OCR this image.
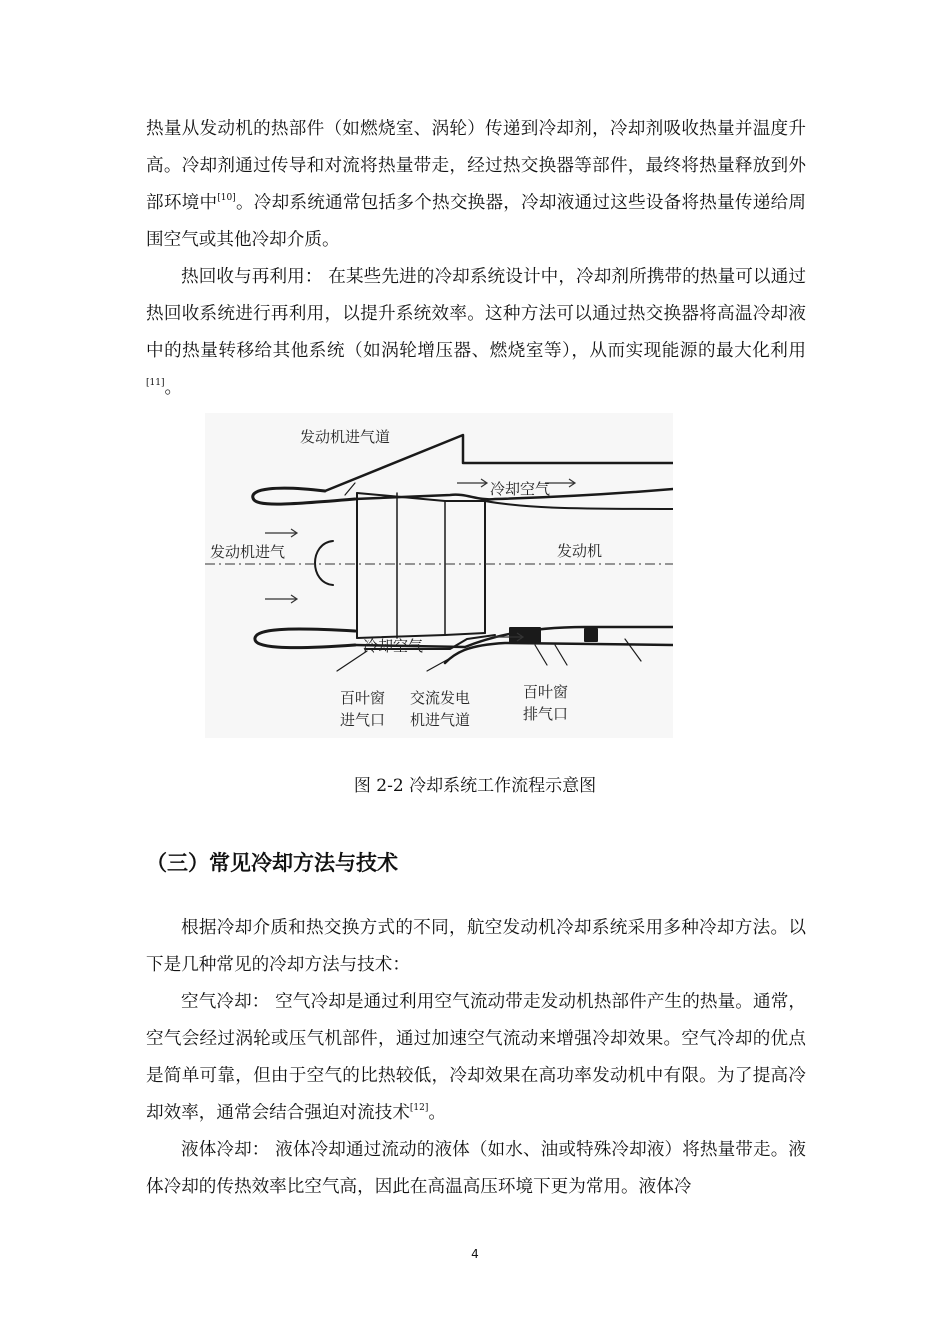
热量从发动机的热部件（如燃烧室、涡轮）传递到冷却剂，冷却剂吸收热量并温度升高。冷却剂通过传导和对流将热量带走，经过热交换器等部件，最终将热量释放到外部环境中[10]。冷却系统通常包括多个热交换器，冷却液通过这些设备将热量传递给周围空气或其他冷却介质。

热回收与再利用： 在某些先进的冷却系统设计中，冷却剂所携带的热量可以通过热回收系统进行再利用，以提升系统效率。这种方法可以通过热交换器将高温冷却液中的热量转移给其他系统（如涡轮增压器、燃烧室等），从而实现能源的最大化利用[11]。

发动机进气道
冷却空气
发动机进气	发动机
冷却空气
百叶窗
进气口
交流发电
机进气道
百叶窗
排气口
图 2-2 冷却系统工作流程示意图
（三）常见冷却方法与技术

根据冷却介质和热交换方式的不同，航空发动机冷却系统采用多种冷却方法。以下是几种常见的冷却方法与技术：

空气冷却： 空气冷却是通过利用空气流动带走发动机热部件产生的热量。通常，空气会经过涡轮或压气机部件，通过加速空气流动来增强冷却效果。空气冷却的优点是简单可靠，但由于空气的比热较低，冷却效果在高功率发动机中有限。为了提高冷却效率，通常会结合强迫对流技术[12]。

液体冷却： 液体冷却通过流动的液体（如水、油或特殊冷却液）将热量带走。液体冷却的传热效率比空气高，因此在高温高压环境下更为常用。液体冷

4
